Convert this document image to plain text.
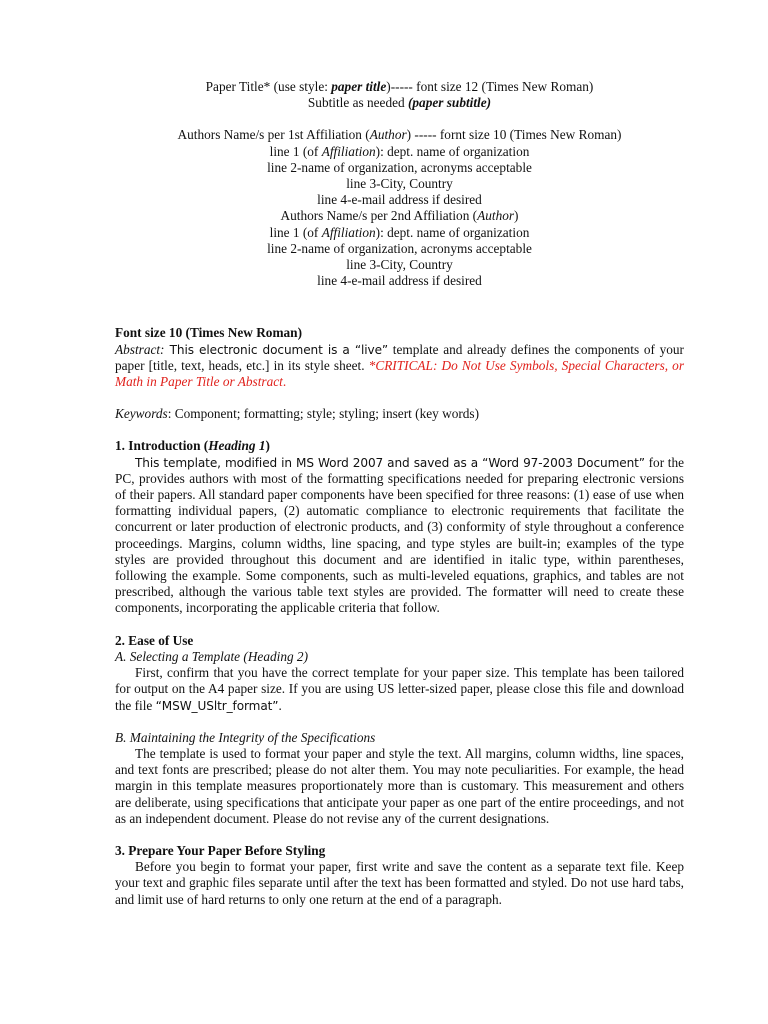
Paper Title* (use style: paper title)----- font size 12 (Times New Roman)
Subtitle as needed (paper subtitle)
Authors Name/s per 1st Affiliation (Author) ----- fornt size 10 (Times New Roman)
line 1 (of Affiliation): dept. name of organization
line 2-name of organization, acronyms acceptable
line 3-City, Country
line 4-e-mail address if desired
Authors Name/s per 2nd Affiliation (Author)
line 1 (of Affiliation): dept. name of organization
line 2-name of organization, acronyms acceptable
line 3-City, Country
line 4-e-mail address if desired
Font size 10 (Times New Roman)
Abstract: This electronic document is a “live” template and already defines the components of your paper [title, text, heads, etc.] in its style sheet. *CRITICAL: Do Not Use Symbols, Special Characters, or Math in Paper Title or Abstract.
Keywords: Component; formatting; style; styling; insert (key words)
1. Introduction (Heading 1)
This template, modified in MS Word 2007 and saved as a “Word 97-2003 Document” for the PC, provides authors with most of the formatting specifications needed for preparing electronic versions of their papers. All standard paper components have been specified for three reasons: (1) ease of use when formatting individual papers, (2) automatic compliance to electronic requirements that facilitate the concurrent or later production of electronic products, and (3) conformity of style throughout a conference proceedings. Margins, column widths, line spacing, and type styles are built-in; examples of the type styles are provided throughout this document and are identified in italic type, within parentheses, following the example. Some components, such as multi-leveled equations, graphics, and tables are not prescribed, although the various table text styles are provided. The formatter will need to create these components, incorporating the applicable criteria that follow.
2. Ease of Use
A. Selecting a Template (Heading 2)
First, confirm that you have the correct template for your paper size. This template has been tailored for output on the A4 paper size. If you are using US letter-sized paper, please close this file and download the file “MSW_USltr_format”.
B. Maintaining the Integrity of the Specifications
The template is used to format your paper and style the text. All margins, column widths, line spaces, and text fonts are prescribed; please do not alter them. You may note peculiarities. For example, the head margin in this template measures proportionately more than is customary. This measurement and others are deliberate, using specifications that anticipate your paper as one part of the entire proceedings, and not as an independent document. Please do not revise any of the current designations.
3. Prepare Your Paper Before Styling
Before you begin to format your paper, first write and save the content as a separate text file. Keep your text and graphic files separate until after the text has been formatted and styled. Do not use hard tabs, and limit use of hard returns to only one return at the end of a paragraph.
